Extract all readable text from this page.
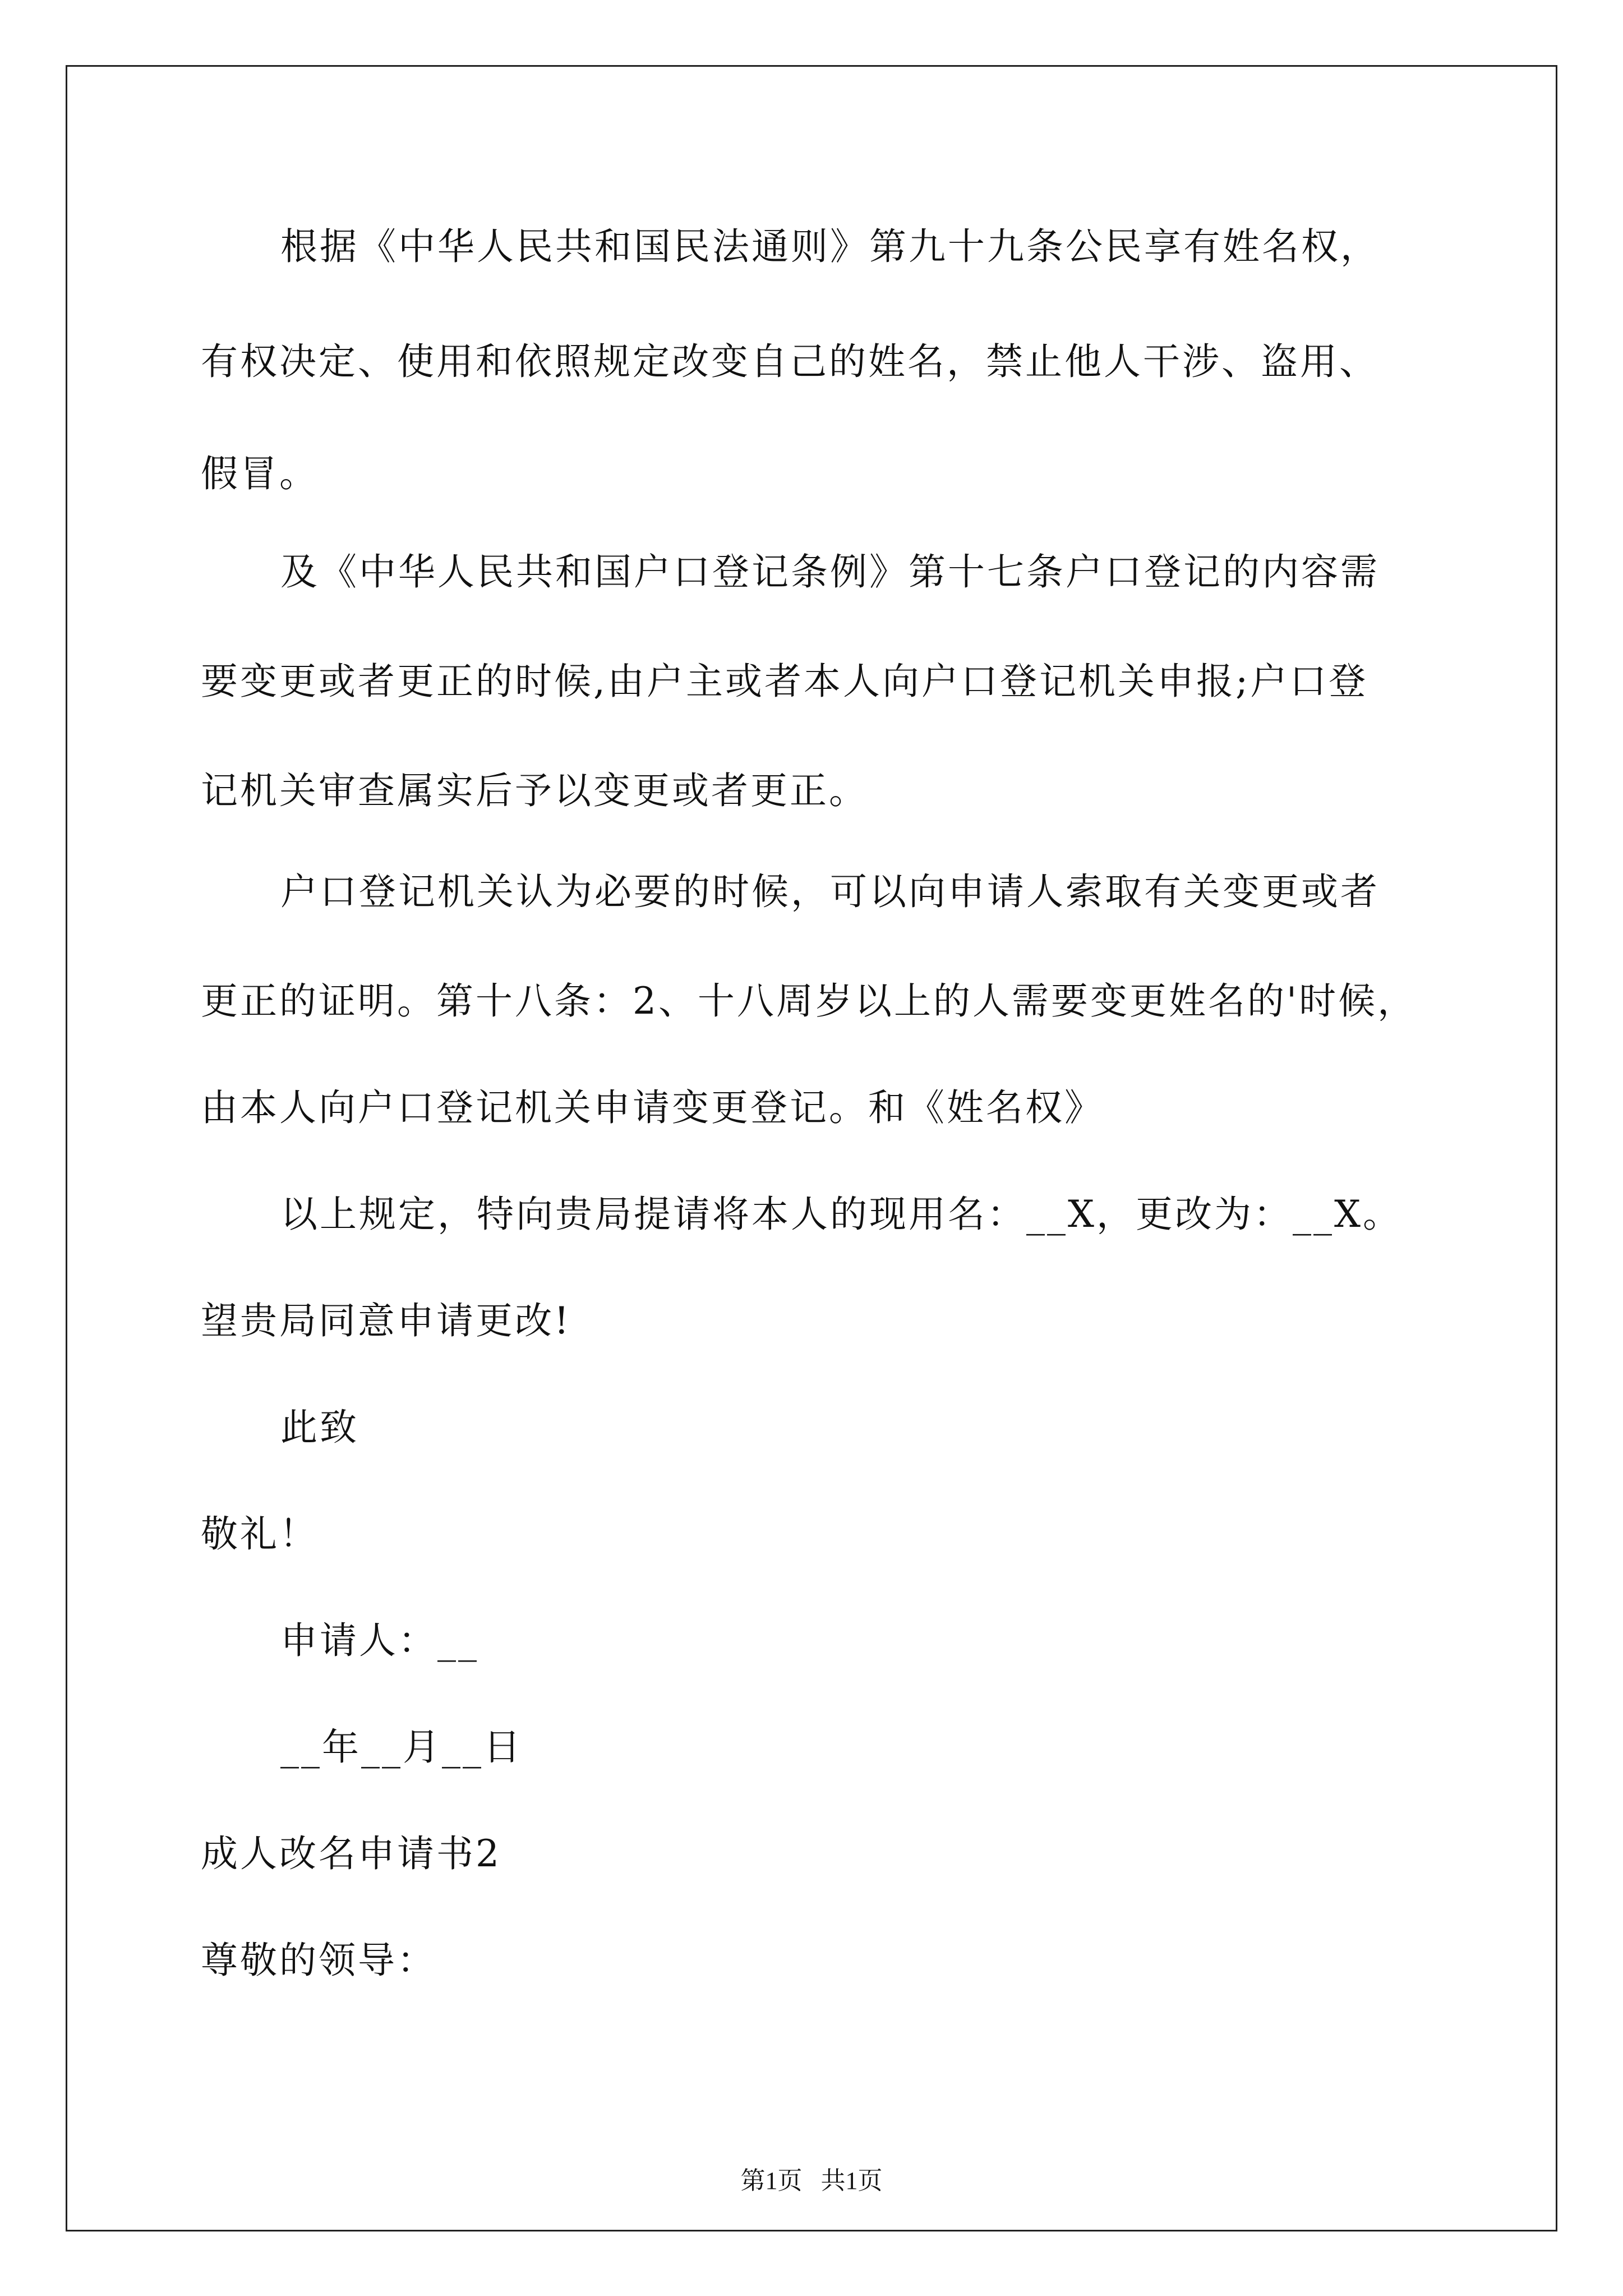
根据《中华人民共和国民法通则》第九十九条公民享有姓名权，
有权决定、使用和依照规定改变自己的姓名，禁止他人干涉、盗用、
假冒。
及《中华人民共和国户口登记条例》第十七条户口登记的内容需
要变更或者更正的时候,由户主或者本人向户口登记机关申报;户口登
记机关审查属实后予以变更或者更正。
户口登记机关认为必要的时候，可以向申请人索取有关变更或者
更正的证明。第十八条：2、十八周岁以上的人需要变更姓名的'时候，
由本人向户口登记机关申请变更登记。和《姓名权》
以上规定，特向贵局提请将本人的现用名：__X，更改为：__X。
望贵局同意申请更改!
此致
敬礼！
申请人：__
__年__月__日
成人改名申请书2
尊敬的领导：
第1页   共1页
